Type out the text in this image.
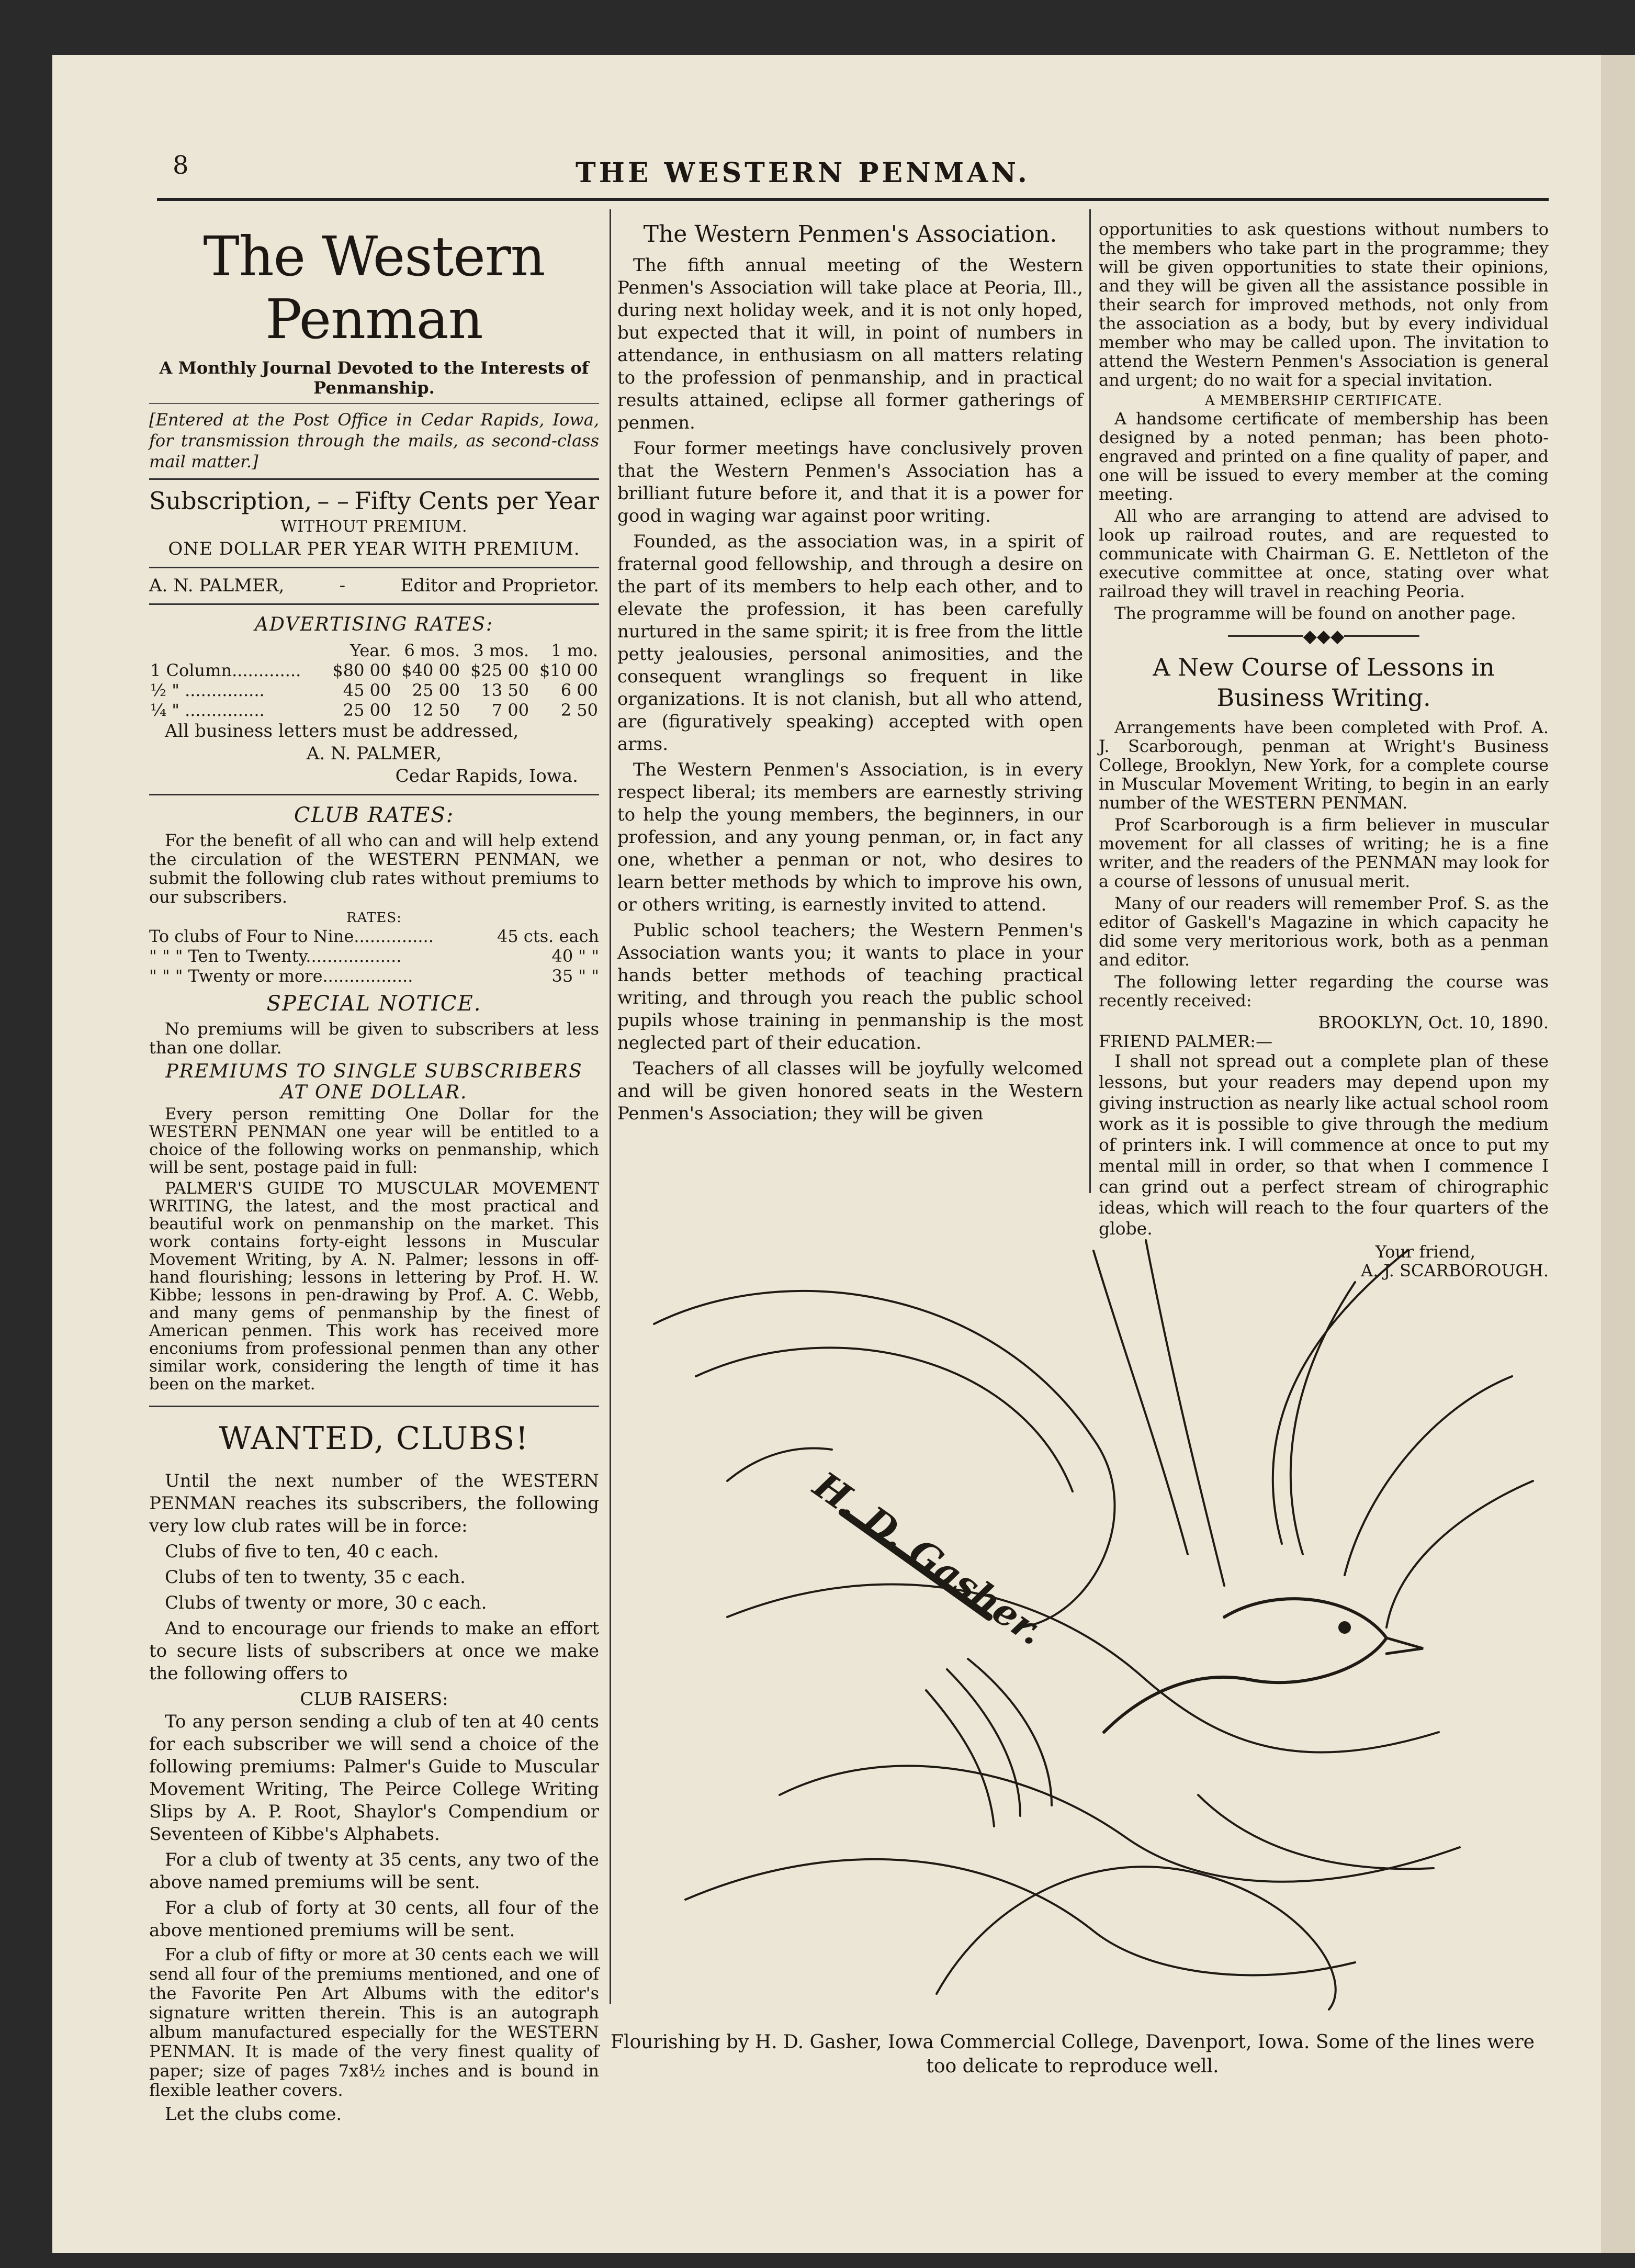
8	THE WESTERN PENMAN.
The Western Penman
A Monthly Journal Devoted to the Interests of Penmanship.
[Entered at the Post Office in Cedar Rapids, Iowa, for transmission through the mails, as second-class mail matter.]
Subscription, – – Fifty Cents per Year
WITHOUT PREMIUM.
ONE DOLLAR PER YEAR WITH PREMIUM.
A. N. PALMER,	-	Editor and Proprietor.
ADVERTISING RATES:
	Year.	6 mos.	3 mos.	1 mo.
1 Column.............	$80 00	$40 00	$25 00	$10 00
½ " ...............	45 00	25 00	13 50	6 00
¼ " ...............	25 00	12 50	7 00	2 50
All business letters must be addressed,
A. N. PALMER,
Cedar Rapids, Iowa.
CLUB RATES:

For the benefit of all who can and will help extend the circulation of the WESTERN PENMAN, we submit the following club rates without premiums to our subscribers.

RATES:
To clubs of Four to Nine...............	45 cts. each
" " " Ten to Twenty..................	40 " "
" " " Twenty or more.................	35 " "
SPECIAL NOTICE.

No premiums will be given to subscribers at less than one dollar.

PREMIUMS TO SINGLE SUBSCRIBERS AT ONE DOLLAR.

Every person remitting One Dollar for the WESTERN PENMAN one year will be entitled to a choice of the following works on penmanship, which will be sent, postage paid in full:

PALMER'S GUIDE TO MUSCULAR MOVEMENT WRITING, the latest, and the most practical and beautiful work on penmanship on the market. This work contains forty-eight lessons in Muscular Movement Writing, by A. N. Palmer; lessons in off-hand flourishing; lessons in lettering by Prof. H. W. Kibbe; lessons in pen-drawing by Prof. A. C. Webb, and many gems of penmanship by the finest of American penmen. This work has received more enconiums from professional penmen than any other similar work, considering the length of time it has been on the market.

WANTED, CLUBS!

Until the next number of the WESTERN PENMAN reaches its subscribers, the following very low club rates will be in force:

Clubs of five to ten, 40 c each.

Clubs of ten to twenty, 35 c each.

Clubs of twenty or more, 30 c each.

And to encourage our friends to make an effort to secure lists of subscribers at once we make the following offers to

CLUB RAISERS:

To any person sending a club of ten at 40 cents for each subscriber we will send a choice of the following premiums: Palmer's Guide to Muscular Movement Writing, The Peirce College Writing Slips by A. P. Root, Shaylor's Compendium or Seventeen of Kibbe's Alphabets.

For a club of twenty at 35 cents, any two of the above named premiums will be sent.

For a club of forty at 30 cents, all four of the above mentioned premiums will be sent.

For a club of fifty or more at 30 cents each we will send all four of the premiums mentioned, and one of the Favorite Pen Art Albums with the editor's signature written therein. This is an autograph album manufactured especially for the WESTERN PENMAN. It is made of the very finest quality of paper; size of pages 7x8½ inches and is bound in flexible leather covers.

Let the clubs come.

The Western Penmen's Association.

The fifth annual meeting of the Western Penmen's Association will take place at Peoria, Ill., during next holiday week, and it is not only hoped, but expected that it will, in point of numbers in attendance, in enthusiasm on all matters relating to the profession of penmanship, and in practical results attained, eclipse all former gatherings of penmen.

Four former meetings have conclusively proven that the Western Penmen's Association has a brilliant future before it, and that it is a power for good in waging war against poor writing.

Founded, as the association was, in a spirit of fraternal good fellowship, and through a desire on the part of its members to help each other, and to elevate the profession, it has been carefully nurtured in the same spirit; it is free from the little petty jealousies, personal animosities, and the consequent wranglings so frequent in like organizations. It is not clanish, but all who attend, are (figuratively speaking) accepted with open arms.

The Western Penmen's Association, is in every respect liberal; its members are earnestly striving to help the young members, the beginners, in our profession, and any young penman, or, in fact any one, whether a penman or not, who desires to learn better methods by which to improve his own, or others writing, is earnestly invited to attend.

Public school teachers; the Western Penmen's Association wants you; it wants to place in your hands better methods of teaching practical writing, and through you reach the public school pupils whose training in penmanship is the most neglected part of their education.

Teachers of all classes will be joyfully welcomed and will be given honored seats in the Western Penmen's Association; they will be given

opportunities to ask questions without numbers to the members who take part in the programme; they will be given opportunities to state their opinions, and they will be given all the assistance possible in their search for improved methods, not only from the association as a body, but by every individual member who may be called upon. The invitation to attend the Western Penmen's Association is general and urgent; do no wait for a special invitation.

A MEMBERSHIP CERTIFICATE.

A handsome certificate of membership has been designed by a noted penman; has been photo-engraved and printed on a fine quality of paper, and one will be issued to every member at the coming meeting.

All who are arranging to attend are advised to look up railroad routes, and are requested to communicate with Chairman G. E. Nettleton of the executive committee at once, stating over what railroad they will travel in reaching Peoria.

The programme will be found on another page.

───────◆◆◆───────
A New Course of Lessons in Business Writing.

Arrangements have been completed with Prof. A. J. Scarborough, penman at Wright's Business College, Brooklyn, New York, for a complete course in Muscular Movement Writing, to begin in an early number of the WESTERN PENMAN.

Prof Scarborough is a firm believer in muscular movement for all classes of writing; he is a fine writer, and the readers of the PENMAN may look for a course of lessons of unusual merit.

Many of our readers will remember Prof. S. as the editor of Gaskell's Magazine in which capacity he did some very meritorious work, both as a penman and editor.

The following letter regarding the course was recently received:

BROOKLYN, Oct. 10, 1890.
FRIEND PALMER:—

I shall not spread out a complete plan of these lessons, but your readers may depend upon my giving instruction as nearly like actual school room work as it is possible to give through the medium of printers ink. I will commence at once to put my mental mill in order, so that when I commence I can grind out a perfect stream of chirographic ideas, which will reach to the four quarters of the globe.

Your friend,
A. J. SCARBOROUGH.
H. D. Gasher.
Flourishing by H. D. Gasher, Iowa Commercial College, Davenport, Iowa. Some of the lines were too delicate to reproduce well.
